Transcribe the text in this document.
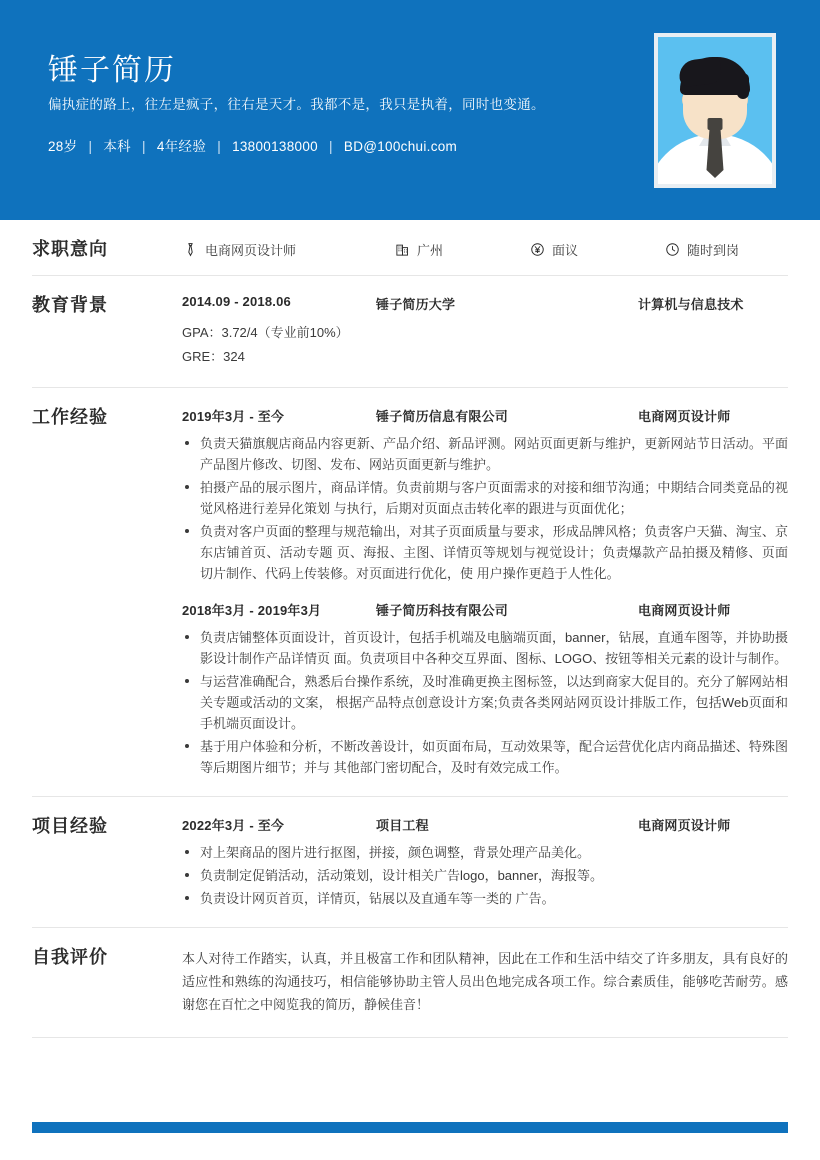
锤子简历

偏执症的路上，往左是疯子，往右是天才。我都不是，我只是执着，同时也变通。

28岁 | 本科 | 4年经验 | 13800138000 | BD@100chui.com
求职意向	电商网页设计师	广州	面议	随时到岗
教育背景	2014.09 - 2018.06	锤子简历大学	计算机与信息技术
GPA：3.72/4（专业前10%）
GRE：324
工作经验	2019年3月 - 至今	锤子简历信息有限公司	电商网页设计师
负责天猫旗舰店商品内容更新、产品介绍、新品评测。网站页面更新与维护，更新网站节日活动。平面产品图片修改、切图、发布、网站页面更新与维护。
拍摄产品的展示图片，商品详情。负责前期与客户页面需求的对接和细节沟通；中期结合同类竟品的视觉风格进行差异化策划 与执行，后期对页面点击转化率的跟进与页面优化；
负责对客户页面的整理与规范输出，对其子页面质量与要求，形成品牌风格；负责客户天猫、淘宝、京东店铺首页、活动专题 页、海报、主图、详情页等规划与视觉设计；负责爆款产品拍摄及精修、页面切片制作、代码上传装修。对页面进行优化，使 用户操作更趋于人性化。
2018年3月 - 2019年3月	锤子简历科技有限公司	电商网页设计师
负责店铺整体页面设计，首页设计，包括手机端及电脑端页面，banner，钻展，直通车图等，并协助摄影设计制作产品详情页 面。负责项目中各种交互界面、图标、LOGO、按钮等相关元素的设计与制作。
与运营准确配合，熟悉后台操作系统，及时准确更换主图标签，以达到商家大促目的。充分了解网站相关专题或活动的文案， 根据产品特点创意设计方案;负责各类网站网页设计排版工作，包括Web页面和手机端页面设计。
基于用户体验和分析，不断改善设计，如页面布局，互动效果等，配合运营优化店内商品描述、特殊图等后期图片细节；并与 其他部门密切配合，及时有效完成工作。
项目经验	2022年3月 - 至今	项目工程	电商网页设计师
对上架商品的图片进行抠图，拼接，颜色调整，背景处理产品美化。
负责制定促销活动，活动策划，设计相关广告logo，banner，海报等。
负责设计网页首页，详情页，钻展以及直通车等一类的 广告。
自我评价	本人对待工作踏实，认真，并且极富工作和团队精神，因此在工作和生活中结交了许多朋友，具有良好的适应性和熟练的沟通技巧，相信能够协助主管人员出色地完成各项工作。综合素质佳，能够吃苦耐劳。感谢您在百忙之中阅览我的简历，静候佳音！
